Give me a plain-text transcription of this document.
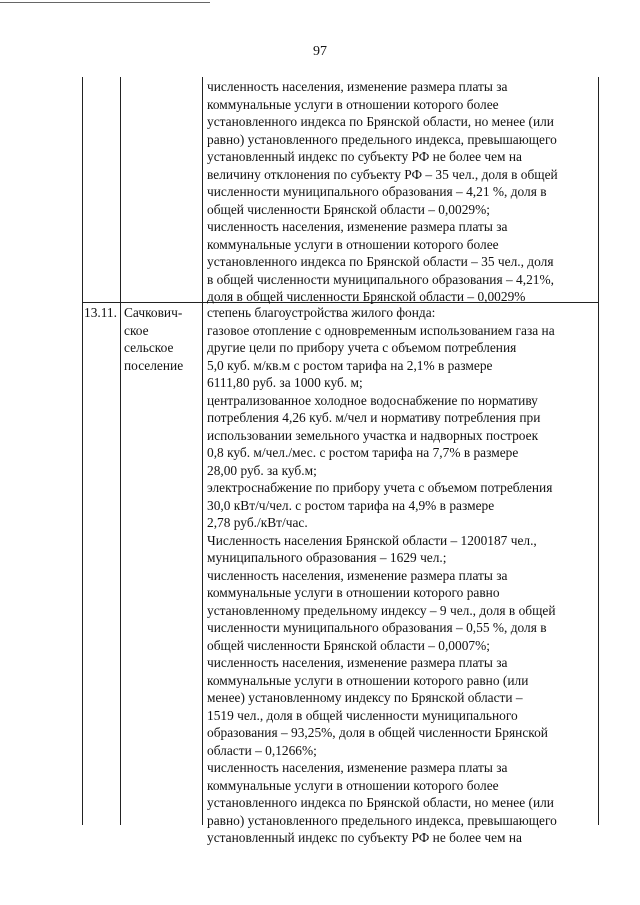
97
численность населения, изменение размера платы за
коммунальные услуги в отношении которого более
установленного индекса по Брянской области, но менее (или
равно) установленного предельного индекса, превышающего
установленный индекс по субъекту РФ не более чем на
величину отклонения по субъекту РФ – 35 чел., доля в общей
численности муниципального образования – 4,21 %, доля в
общей численности Брянской области – 0,0029%;
численность населения, изменение размера платы за
коммунальные услуги в отношении которого более
установленного индекса по Брянской области – 35 чел., доля
в общей численности муниципального образования – 4,21%,
доля в общей численности Брянской области – 0,0029%
13.11. Сачкович-
ское
сельское
поселение
степень благоустройства жилого фонда:
газовое отопление с одновременным использованием газа на
другие цели по прибору учета с объемом потребления
5,0 куб. м/кв.м с ростом тарифа на 2,1% в размере
6111,80 руб. за 1000 куб. м;
централизованное холодное водоснабжение по нормативу
потребления 4,26 куб. м/чел и нормативу потребления при
использовании земельного участка и надворных построек
0,8 куб. м/чел./мес. с ростом тарифа на 7,7% в размере
28,00 руб. за куб.м;
электроснабжение по прибору учета с объемом потребления
30,0 кВт/ч/чел. с ростом тарифа на 4,9% в размере
2,78 руб./кВт/час.
Численность населения Брянской области – 1200187 чел.,
муниципального образования – 1629 чел.;
численность населения, изменение размера платы за
коммунальные услуги в отношении которого равно
установленному предельному индексу – 9 чел., доля в общей
численности муниципального образования – 0,55 %, доля в
общей численности Брянской области – 0,0007%;
численность населения, изменение размера платы за
коммунальные услуги в отношении которого равно (или
менее) установленному индексу по Брянской области –
1519 чел., доля в общей численности муниципального
образования – 93,25%, доля в общей численности Брянской
области – 0,1266%;
численность населения, изменение размера платы за
коммунальные услуги в отношении которого более
установленного индекса по Брянской области, но менее (или
равно) установленного предельного индекса, превышающего
установленный индекс по субъекту РФ не более чем на
